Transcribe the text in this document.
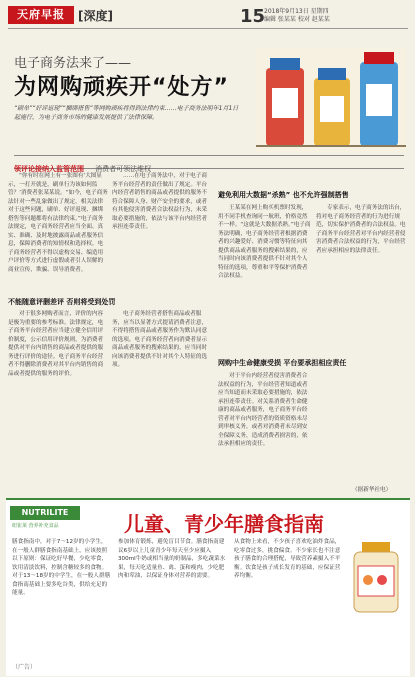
天府早报	[深度]	15
2018年9月13日 星期四
编辑 张某某 校对 赵某某
电子商务法来了——
为网购顽疾开“处方”
“刷单”“好评返现”“捆绑搭售”等网购顽疾将得到法律约束……电子商务法明年1月1日起施行，为电子商务市场的健康发展提供了法律保障。
领评论接纳入监管范围 消费者可领法维权

“你有时在网上有一张图有‘大图显示，一打开就是，刷单行为该如何监管？’消费者张某某说。“如今，电子商务法针对一些乱象做出了规定，相关法律对于这些问题，刷单、好评返现、捆绑搭售等问题都将有法律约束。”电子商务法规定，电子商务经营者应当全面、真实、准确、及时地披露商品或者服务信息，保障消费者的知情权和选择权。电子商务经营者不得以虚构交易、编造用户评价等方式进行虚假或者引人误解的商业宣传，欺骗、误导消费者。

不能随意评删差评 否则将受到处罚

对于很多网购者而言，评价的内容是极为重要的参考标准。法律规定，电子商务平台经营者应当建立健全信用评价制度，公示信用评价规则，为消费者提供对平台内销售的商品或者提供的服务进行评价的途径。电子商务平台经营者不得删除消费者对其平台内销售的商品或者提供的服务的评价。

……在电子商务法中，对于电子商务平台经营者的责任做出了规定。平台内经营者销售的商品或者提供的服务不符合保障人身、财产安全的要求，或者有其他侵害消费者合法权益行为，未采取必要措施的，依法与该平台内经营者承担连带责任。

电子商务经营者搭售商品或者服务，应当以显著方式提请消费者注意，不得将搭售商品或者服务作为默认同意的选项。电子商务经营者向消费者显示商品或者服务的搜索结果的，应当同时向该消费者提供不针对其个人特征的选项。

避免利用大数据“杀熟” 也不允许强制搭售

王某某在网上购买机票时发现，用不同手机查询同一航班，价格竟然不一样。“这就是大数据杀熟。”电子商务法明确，电子商务经营者根据消费者的兴趣爱好、消费习惯等特征向其提供商品或者服务的搜索结果的，应当同时向该消费者提供不针对其个人特征的选项，尊重和平等保护消费者合法权益。

网购中生命健康受损 平台要承担相应责任

对于平台内经营者侵害消费者合法权益的行为，平台经营者知道或者应当知道而未采取必要措施的，依法承担连带责任。对关系消费者生命健康的商品或者服务，电子商务平台经营者对平台内经营者的资质资格未尽到审核义务，或者对消费者未尽到安全保障义务，造成消费者损害的，依法承担相应的责任。

专家表示，电子商务法的出台，将对电子商务经营者的行为进行规范，切实保护消费者的合法权益。电子商务平台经营者对平台内经营者侵害消费者合法权益的行为，平台经营者应承担相应的法律责任。

（据新华社电）
NUTRILITE
纽崔莱 营养补充食品	儿童、青少年膳食指南

膳食指南中，对于7～12岁的小学生，在一般人群膳食指南基础上，应该按照以下原则：保证吃好早餐，少吃零食，饮用清淡饮料，控制含糖较多的食物。对于13～18岁的中学生，在一般人群膳食指南基础上要多吃谷类，供给充足的能量。

参加体育锻炼，避免盲目节食。膳食指南建议6岁以上儿童青少年每天至少应摄入300ml牛奶或相当量的奶制品，多吃蔬菜水果，每天吃适量鱼、禽、蛋和瘦肉，少吃肥肉和荤油，以保证身体对营养的需要。

从食物上来看，不少孩子喜欢吃油炸食品，吃零食过多，挑食偏食。不少家长也不注意孩子膳食的合理搭配，导致营养素摄入不平衡。饮食是孩子成长发育的基础，应保证营养均衡。

（广告）
